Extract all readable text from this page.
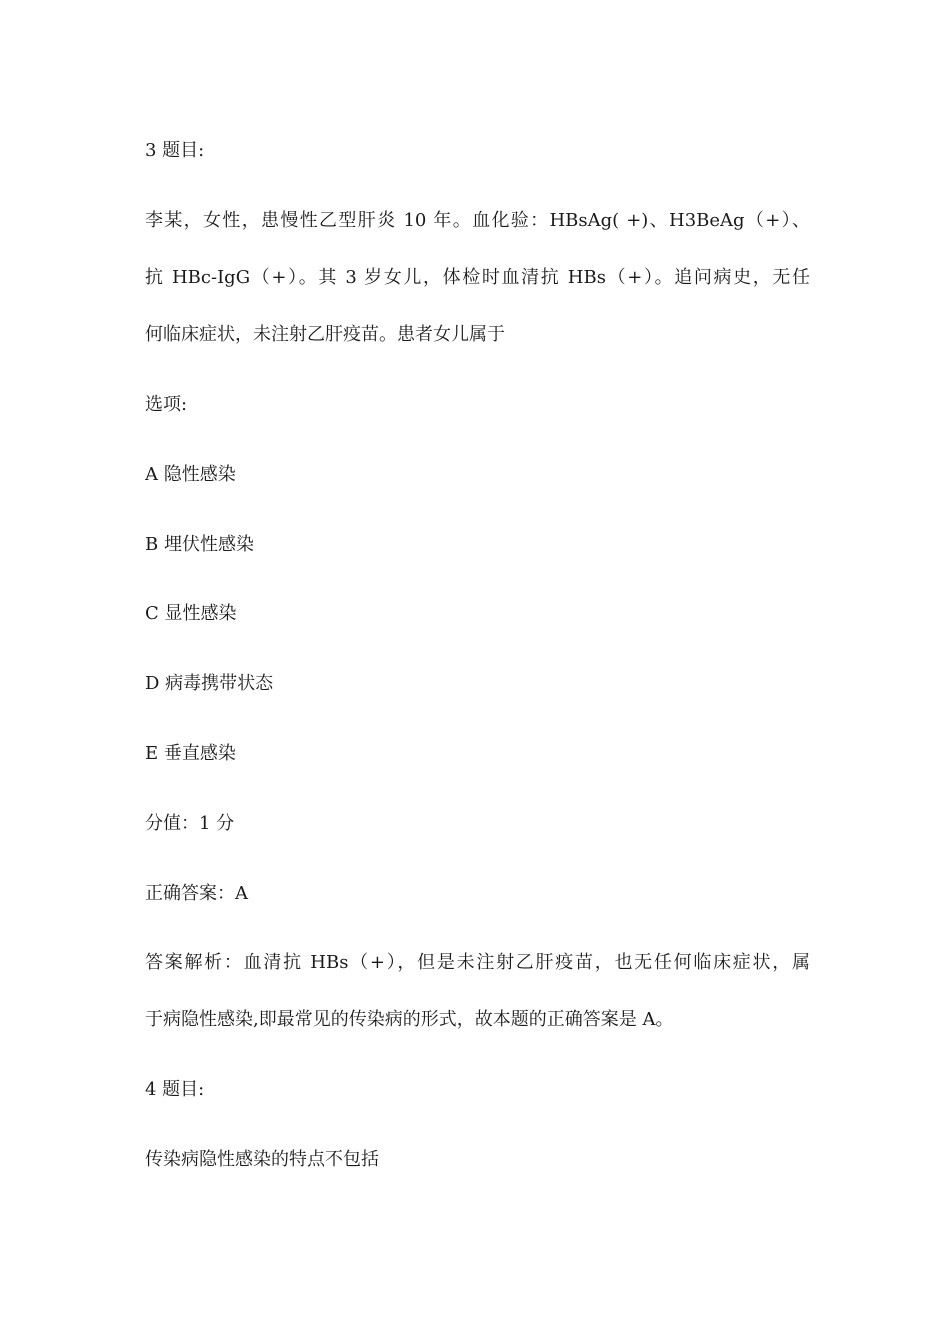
3 题目:
李某，女性，患慢性乙型肝炎 10 年。血化验：HBsAg( +)、H3BeAg（+）、
抗 HBc-IgG（+）。其 3 岁女儿，体检时血清抗 HBs（+）。追问病史，无任
何临床症状，未注射乙肝疫苗。患者女儿属于
选项:
A 隐性感染
B 埋伏性感染
C 显性感染
D 病毒携带状态
E 垂直感染
分值：1 分
正确答案：A
答案解析：血清抗 HBs（+），但是未注射乙肝疫苗，也无任何临床症状，属
于病隐性感染,即最常见的传染病的形式，故本题的正确答案是 A。
4 题目:
传染病隐性感染的特点不包括
